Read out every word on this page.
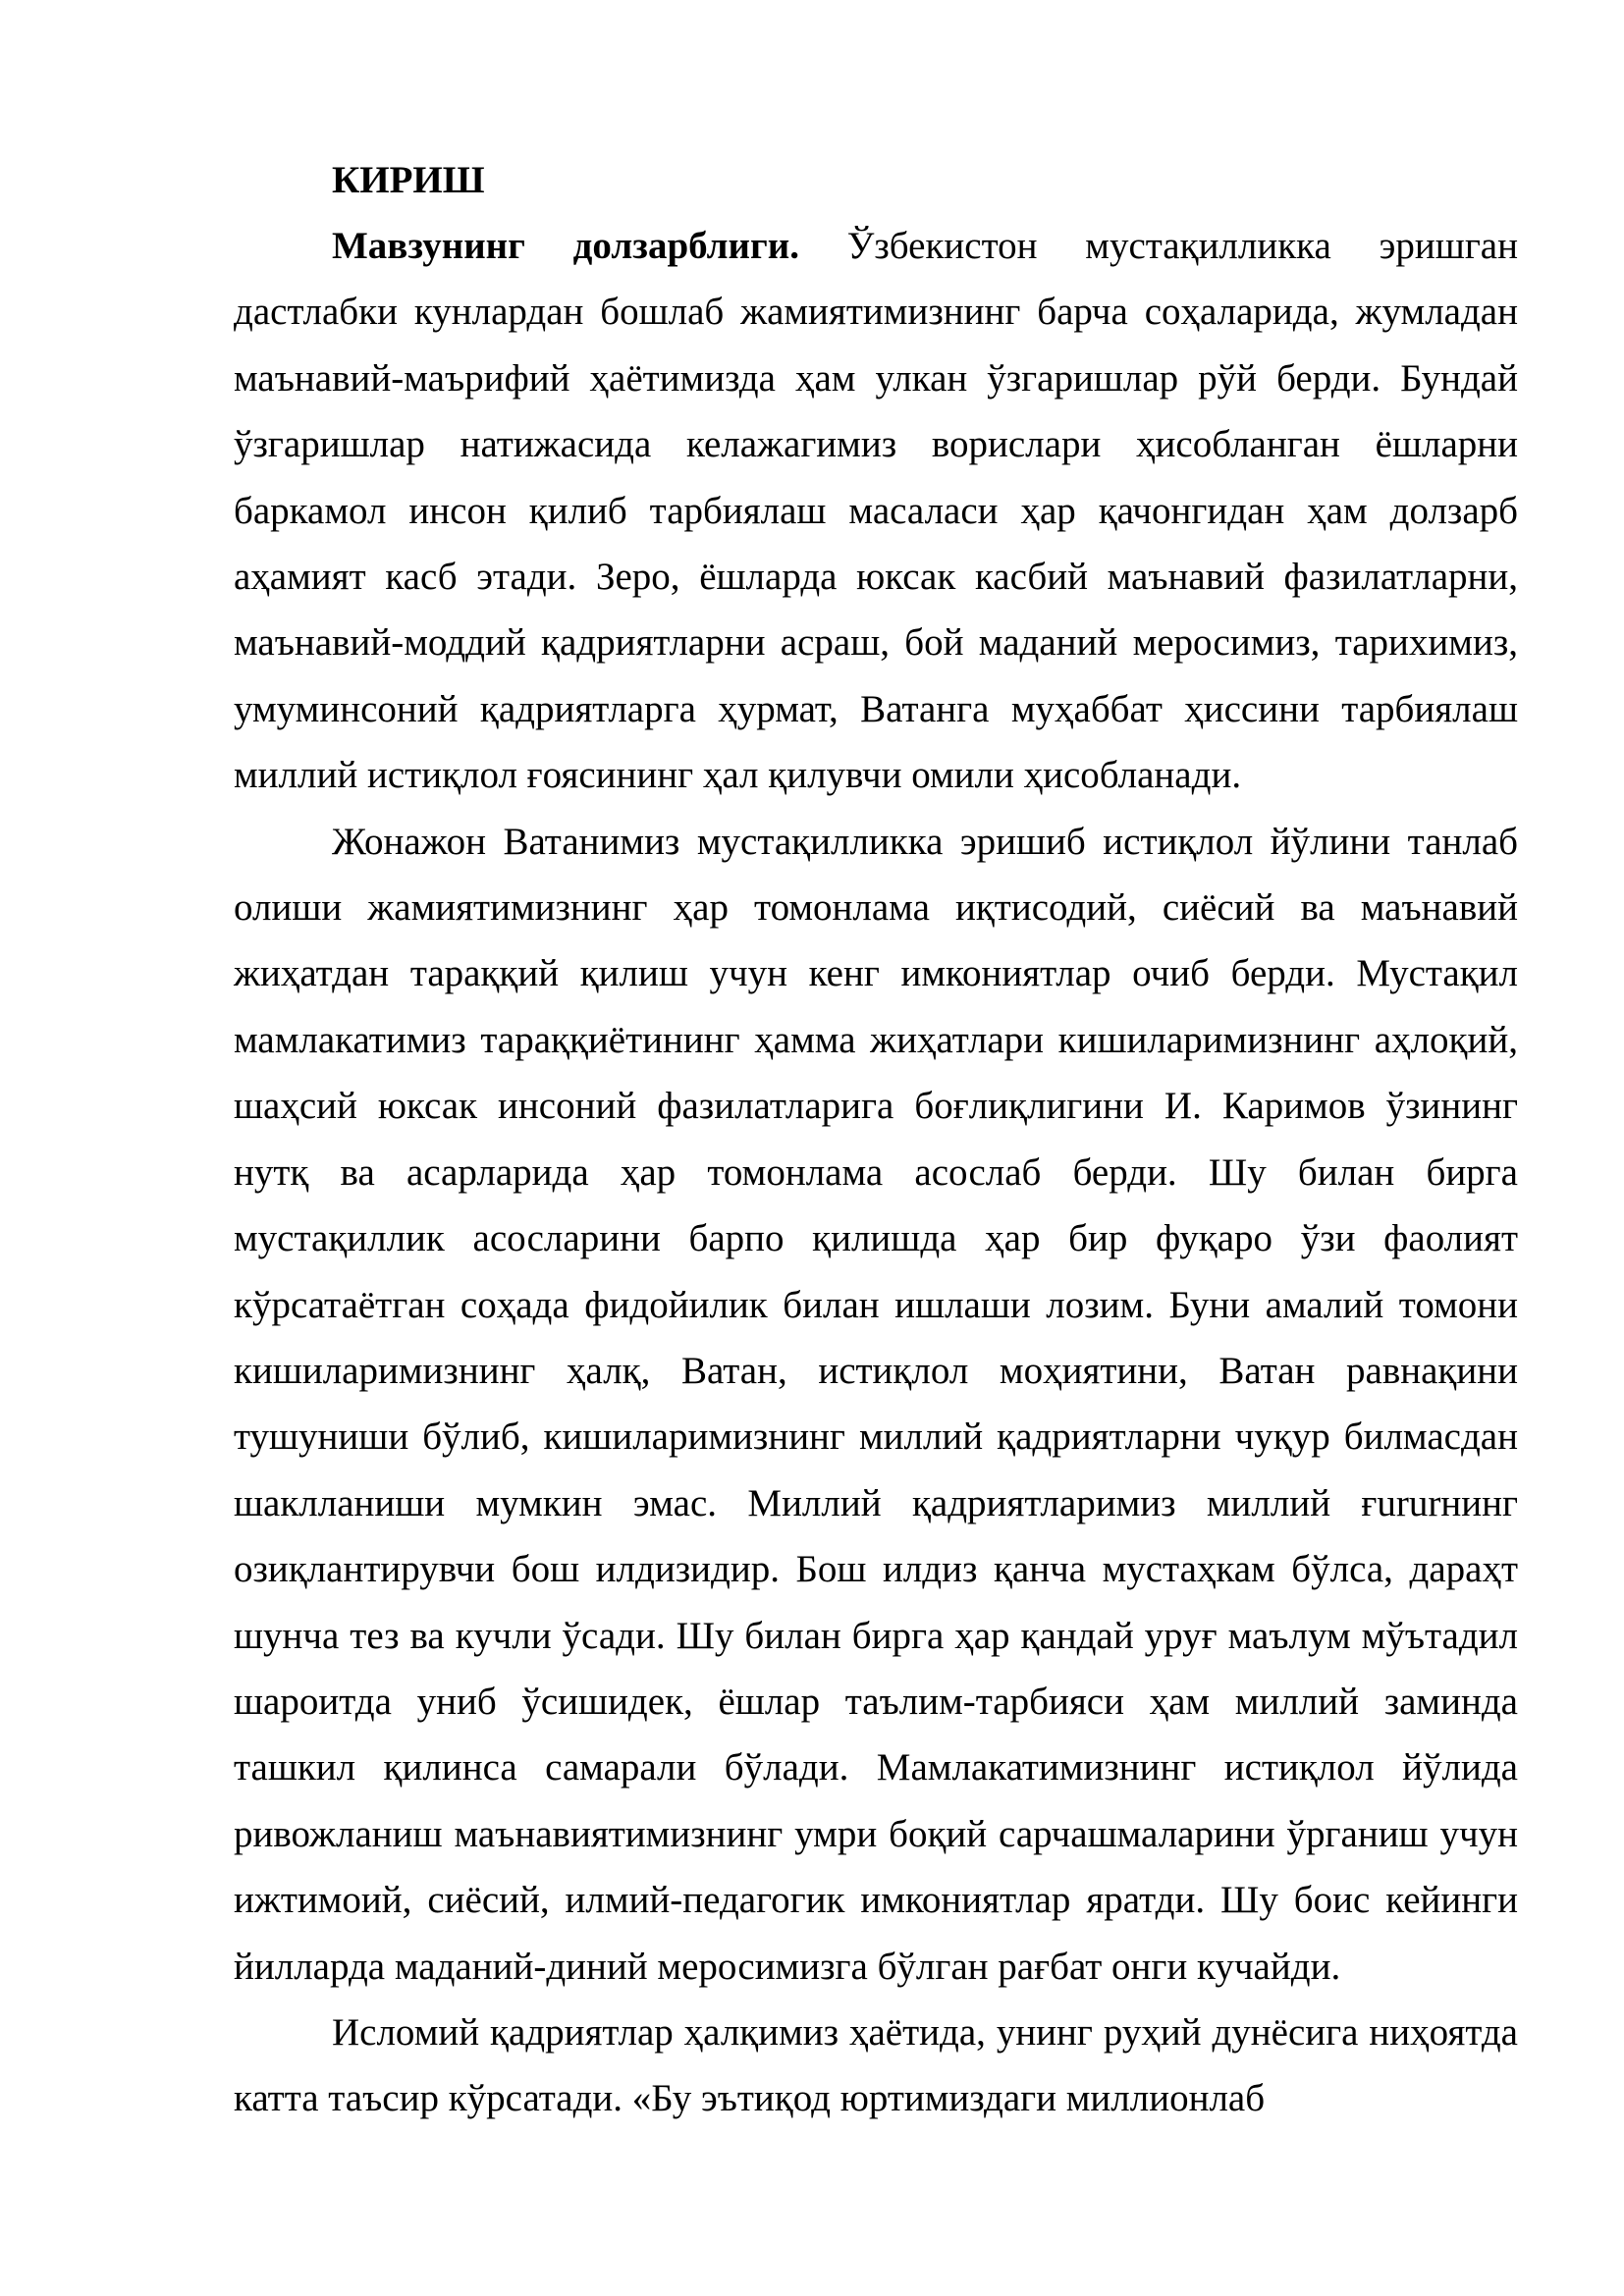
КИРИШ

Мавзунинг долзарблиги. Ўзбекистон мустақилликка эришган дастлабки кунлардан бошлаб жамиятимизнинг барча соҳаларида, жумладан маънавий-маърифий ҳаётимизда ҳам улкан ўзгаришлар рўй берди. Бундай ўзгаришлар натижасида келажагимиз ворислари ҳисобланган ёшларни баркамол инсон қилиб тарбиялаш масаласи ҳар қачонгидан ҳам долзарб аҳамият касб этади. Зеро, ёшларда юксак касбий маънавий фазилатларни, маънавий-моддий қадриятларни асраш, бой маданий меросимиз, тарихимиз, умуминсоний қадриятларга ҳурмат, Ватанга муҳаббат ҳиссини тарбиялаш миллий истиқлол ғоясининг ҳал қилувчи омили ҳисобланади.

Жонажон Ватанимиз мустақилликка эришиб истиқлол йўлини танлаб олиши жамиятимизнинг ҳар томонлама иқтисодий, сиёсий ва маънавий жиҳатдан тараққий қилиш учун кенг имкониятлар очиб берди. Мустақил мамлакатимиз тараққиётининг ҳамма жиҳатлари кишиларимизнинг аҳлоқий, шаҳсий юксак инсоний фазилатларига боғлиқлигини И. Каримов ўзининг нутқ ва асарларида ҳар томонлама асослаб берди. Шу билан бирга мустақиллик асосларини барпо қилишда ҳар бир фуқаро ўзи фаолият кўрсатаётган соҳада фидойилик билан ишлаши лозим. Буни амалий томони кишиларимизнинг ҳалқ, Ватан, истиқлол моҳиятини, Ватан равнақини тушуниши бўлиб, кишиларимизнинг миллий қадриятларни чуқур билмасдан шаклланиши мумкин эмас. Миллий қадриятларимиз миллий ғururнинг озиқлантирувчи бош илдизидир. Бош илдиз қанча мустаҳкам бўлса, дараҳт шунча тез ва кучли ўсади. Шу билан бирга ҳар қандай уруғ маълум мўътадил шароитда униб ўсишидек, ёшлар таълим-тарбияси ҳам миллий заминда ташкил қилинса самарали бўлади. Мамлакатимизнинг истиқлол йўлида ривожланиш маънавиятимизнинг умри боқий сарчашмаларини ўрганиш учун ижтимоий, сиёсий, илмий-педагогик имкониятлар яратди. Шу боис кейинги йилларда маданий-диний меросимизга бўлган рағбат онги кучайди.

Исломий қадриятлар ҳалқимиз ҳаётида, унинг руҳий дунёсига ниҳоятда катта таъсир кўрсатади. «Бу эътиқод юртимиздаги миллионлаб
